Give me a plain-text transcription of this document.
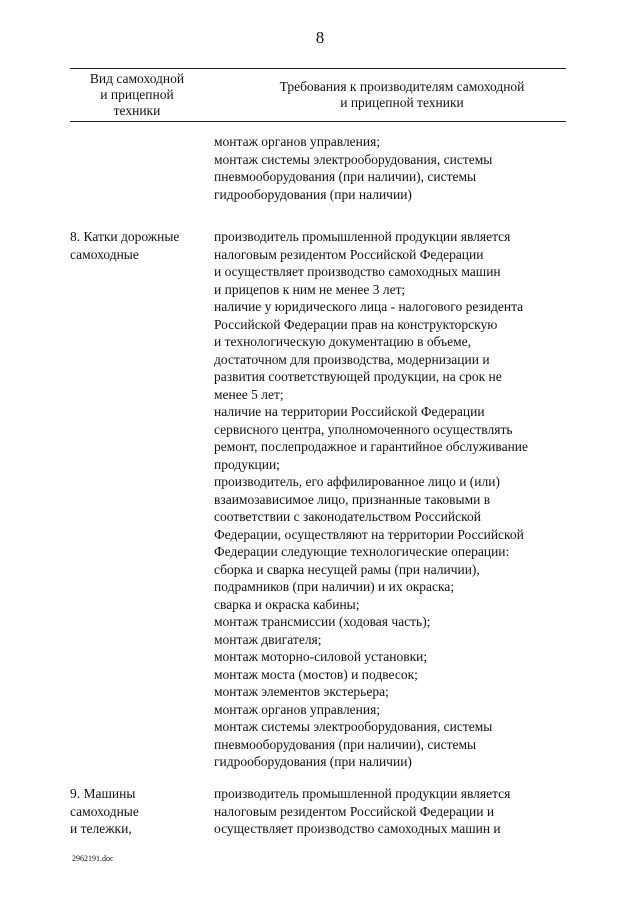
8
Вид самоходной
и прицепной
техники
Требования к производителям самоходной
и прицепной техники
монтаж органов управления;
монтаж системы электрооборудования, системы
пневмооборудования (при наличии), системы
гидрооборудования (при наличии)
8. Катки дорожные
самоходные
производитель промышленной продукции является
налоговым резидентом Российской Федерации
и осуществляет производство самоходных машин
и прицепов к ним не менее 3 лет;
наличие у юридического лица - налогового резидента
Российской Федерации прав на конструкторскую
и технологическую документацию в объеме,
достаточном для производства, модернизации и
развития соответствующей продукции, на срок не
менее 5 лет;
наличие на территории Российской Федерации
сервисного центра, уполномоченного осуществлять
ремонт, послепродажное и гарантийное обслуживание
продукции;
производитель, его аффилированное лицо и (или)
взаимозависимое лицо, признанные таковыми в
соответствии с законодательством Российской
Федерации, осуществляют на территории Российской
Федерации следующие технологические операции:
сборка и сварка несущей рамы (при наличии),
подрамников (при наличии) и их окраска;
сварка и окраска кабины;
монтаж трансмиссии (ходовая часть);
монтаж двигателя;
монтаж моторно-силовой установки;
монтаж моста (мостов) и подвесок;
монтаж элементов экстерьера;
монтаж органов управления;
монтаж системы электрооборудования, системы
пневмооборудования (при наличии), системы
гидрооборудования (при наличии)
9. Машины
самоходные
и тележки,
производитель промышленной продукции является
налоговым резидентом Российской Федерации и
осуществляет производство самоходных машин и
2962191.doc
